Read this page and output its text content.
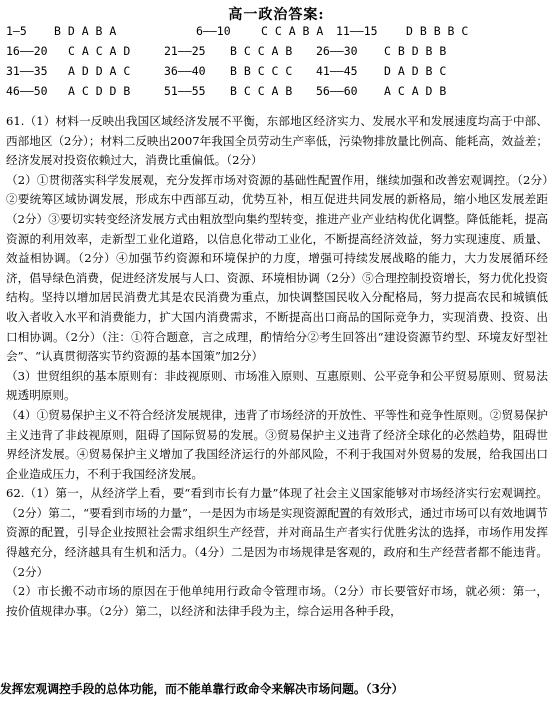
高一政治答案:
1—5 B D A B A	6——10	C C A B A 11——15 D B B B C
16——20 C A C A D	21——25 B C C A B 26——30 C B D B B
31——35 A D D A C	36——40 B B C C C 41——45 D A D B C
46——50 A C D D B	51——55 B C C A B 56——60 A C A D B

61.（1）材料一反映出我国区域经济发展不平衡，东部地区经济实力、发展水平和发展速度均高于中部、西部地区（2分）；材料二反映出2007年我国全员劳动生产率低，污染物排放量比例高、能耗高，效益差；经济发展对投资依赖过大，消费比重偏低。（2分）

（2）①贯彻落实科学发展观，充分发挥市场对资源的基础性配置作用，继续加强和改善宏观调控。（2分）②要统筹区域协调发展，形成东中西部互动，优势互补，相互促进共同发展的新格局，缩小地区发展差距（2分）③要切实转变经济发展方式由粗放型向集约型转变，推进产业产业结构优化调整。降低能耗，提高资源的利用效率，走新型工业化道路，以信息化带动工业化，不断提高经济效益，努力实现速度、质量、效益相协调。（2分）④加强节约资源和环境保护的力度，增强可持续发展战略的能力，大力发展循环经济，倡导绿色消费，促进经济发展与人口、资源、环境相协调（2分）⑤合理控制投资增长，努力优化投资结构。坚持以增加居民消费尤其是农民消费为重点，加快调整国民收入分配格局，努力提高农民和城镇低收入者收入水平和消费能力，扩大国内消费需求，不断提高出口商品的国际竞争力，实现消费、投资、出口相协调。（2分）（注：①符合题意，言之成理，酌情给分②考生回答出“建设资源节约型、环境友好型社会”、“认真贯彻落实节约资源的基本国策”加2分）

（3）世贸组织的基本原则有：非歧视原则、市场准入原则、互惠原则、公平竞争和公平贸易原则、贸易法规透明原则。

（4）①贸易保护主义不符合经济发展规律，违背了市场经济的开放性、平等性和竞争性原则。②贸易保护主义违背了非歧视原则，阻碍了国际贸易的发展。③贸易保护主义违背了经济全球化的必然趋势，阻碍世界经济发展。④贸易保护主义增加了我国经济运行的外部风险，不利于我国对外贸易的发展，给我国出口企业造成压力，不利于我国经济发展。

62.（1）第一，从经济学上看，要“看到市长有力量”体现了社会主义国家能够对市场经济实行宏观调控。（2分）第二，“要看到市场的力量”，一是因为市场是实现资源配置的有效形式，通过市场可以有效地调节资源的配置，引导企业按照社会需求组织生产经营，并对商品生产者实行优胜劣汰的选择，市场作用发挥得越充分，经济越具有生机和活力。（4分）二是因为市场规律是客观的，政府和生产经营者都不能违背。（2分）

（2）市长搬不动市场的原因在于他单纯用行政命令管理市场。（2分）市长要管好市场，就必须：第一，按价值规律办事。（2分）第二，以经济和法律手段为主，综合运用各种手段，

发挥宏观调控手段的总体功能，而不能单靠行政命令来解决市场问题。（3分）
